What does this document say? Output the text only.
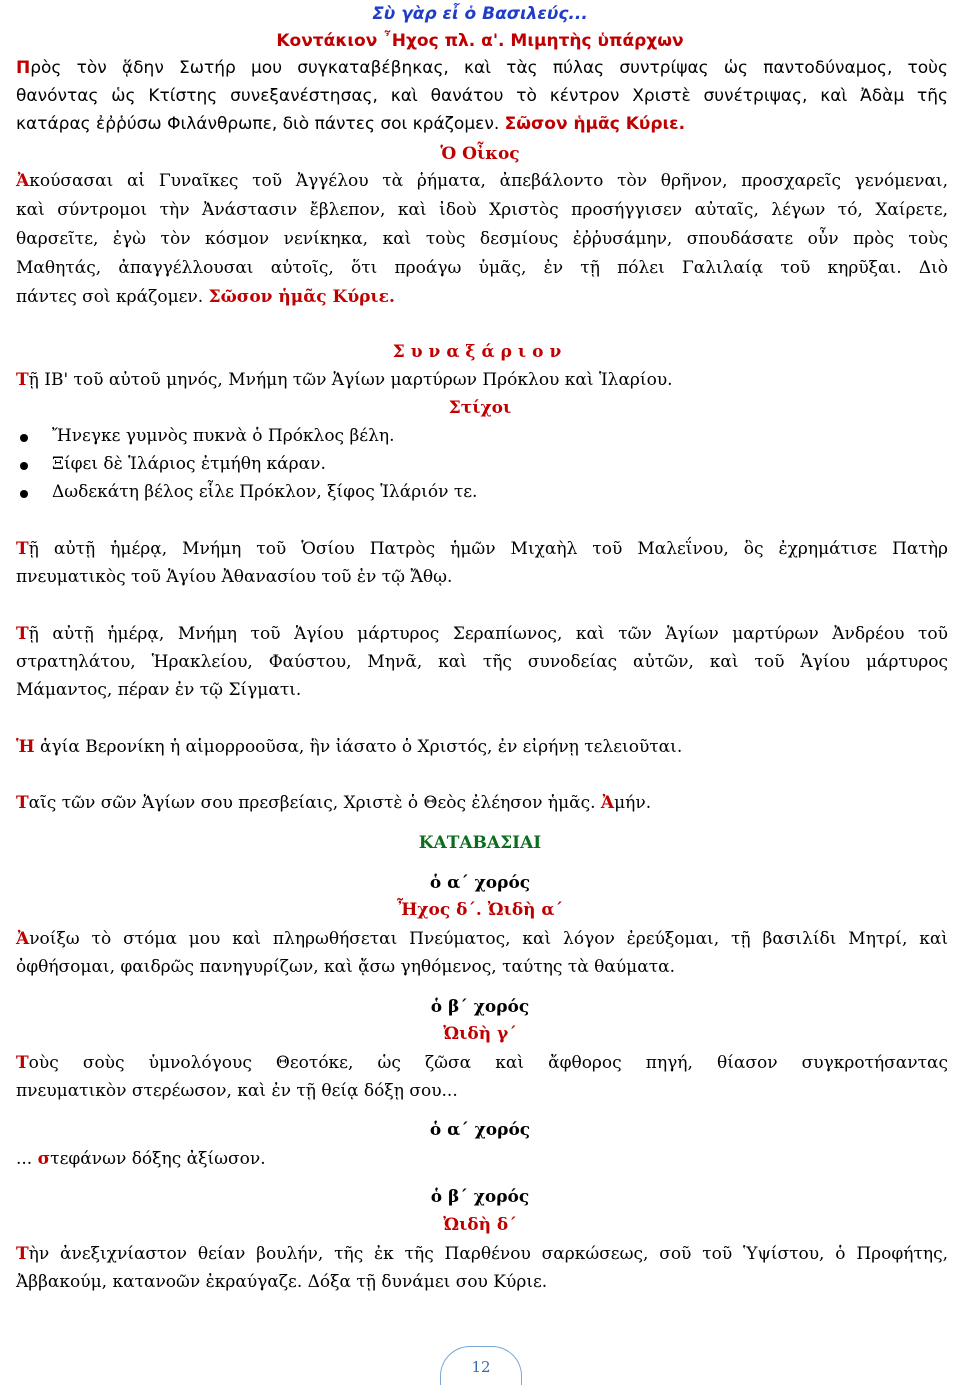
Σὺ γὰρ εἶ ὁ Βασιλεύς...
Κοντάκιον ῏Ηχος πλ. α'. Μιμητὴς ὑπάρχων
Πρὸς τὸν ᾅδην Σωτήρ μου συγκαταβέβηκας, καὶ τὰς πύλας συντρίψας ὡς παντοδύναμος, τοὺς
θανόντας ὡς Κτίστης συνεξανέστησας, καὶ θανάτου τὸ κέντρον Χριστὲ συνέτριψας, καὶ Ἀδὰμ τῆς
κατάρας ἐῤῥύσω Φιλάνθρωπε, διὸ πάντες σοι κράζομεν. Σῶσον ἡμᾶς Κύριε.
Ὁ Οἶκος
Ἀκούσασαι αἱ Γυναῖκες τοῦ Ἀγγέλου τὰ ῥήματα, ἀπεβάλοντο τὸν θρῆνον, προσχαρεῖς γενόμεναι,
καὶ σύντρομοι τὴν Ἀνάστασιν ἔβλεπον, καὶ ἰδοὺ Χριστὸς προσήγγισεν αὐταῖς, λέγων τό, Χαίρετε,
θαρσεῖτε, ἐγὼ τὸν κόσμον νενίκηκα, καὶ τοὺς δεσμίους ἐῤῥυσάμην, σπουδάσατε οὖν πρὸς τοὺς
Μαθητάς, ἀπαγγέλλουσαι αὐτοῖς, ὅτι προάγω ὑμᾶς, ἐν τῇ πόλει Γαλιλαίᾳ τοῦ κηρῦξαι. Διὸ
πάντες σοὶ κράζομεν. Σῶσον ἡμᾶς Κύριε.
Συναξάριον
Τῇ ΙΒ' τοῦ αὐτοῦ μηνός, Μνήμη τῶν Ἁγίων μαρτύρων Πρόκλου καὶ Ἱλαρίου.
Στίχοι
Ἤνεγκε γυμνὸς πυκνὰ ὁ Πρόκλος βέλη.
Ξίφει δὲ Ἱλάριος ἐτμήθη κάραν.
Δωδεκάτη βέλος εἷλε Πρόκλον, ξίφος Ἱλάριόν τε.
Τῇ αὐτῇ ἡμέρᾳ, Μνήμη τοῦ Ὁσίου Πατρὸς ἡμῶν Μιχαὴλ τοῦ Μαλεΐνου, ὃς ἐχρημάτισε Πατὴρ
πνευματικὸς τοῦ Ἁγίου Ἀθανασίου τοῦ ἐν τῷ Ἄθῳ.
Τῇ αὐτῇ ἡμέρᾳ, Μνήμη τοῦ Ἁγίου μάρτυρος Σεραπίωνος, καὶ τῶν Ἁγίων μαρτύρων Ἀνδρέου τοῦ
στρατηλάτου, Ἡρακλείου, Φαύστου, Μηνᾶ, καὶ τῆς συνοδείας αὐτῶν, καὶ τοῦ Ἁγίου μάρτυρος
Μάμαντος, πέραν ἐν τῷ Σίγματι.
Ἡ ἁγία Βερονίκη ἡ αἱμορροοῦσα, ἣν ἰάσατο ὁ Χριστός, ἐν εἰρήνῃ τελειοῦται.
Ταῖς τῶν σῶν Ἁγίων σου πρεσβείαις, Χριστὲ ὁ Θεὸς ἐλέησον ἡμᾶς. Ἀμήν.
ΚΑΤΑΒΑΣΙΑΙ
ὁ α΄ χορός
Ἦχος δ΄. Ὠιδὴ α΄
Ἀνοίξω τὸ στόμα μου καὶ πληρωθήσεται Πνεύματος, καὶ λόγον ἐρεύξομαι, τῇ βασιλίδι Μητρί, καὶ
ὀφθήσομαι, φαιδρῶς πανηγυρίζων, καὶ ᾄσω γηθόμενος, ταύτης τὰ θαύματα.
ὁ β΄ χορός
Ὠιδὴ γ΄
Τοὺς σοὺς ὑμνολόγους Θεοτόκε, ὡς ζῶσα καὶ ἄφθορος πηγή, θίασον συγκροτήσαντας
πνευματικὸν στερέωσον, καὶ ἐν τῇ θείᾳ δόξῃ σου...
ὁ α΄ χορός
... στεφάνων δόξης ἀξίωσον.
ὁ β΄ χορός
Ὠιδὴ δ΄
Τὴν ἀνεξιχνίαστον θείαν βουλήν, τῆς ἐκ τῆς Παρθένου σαρκώσεως, σοῦ τοῦ Ὑψίστου, ὁ Προφήτης,
Ἀββακούμ, κατανοῶν ἐκραύγαζε. Δόξα τῇ δυνάμει σου Κύριε.
12
